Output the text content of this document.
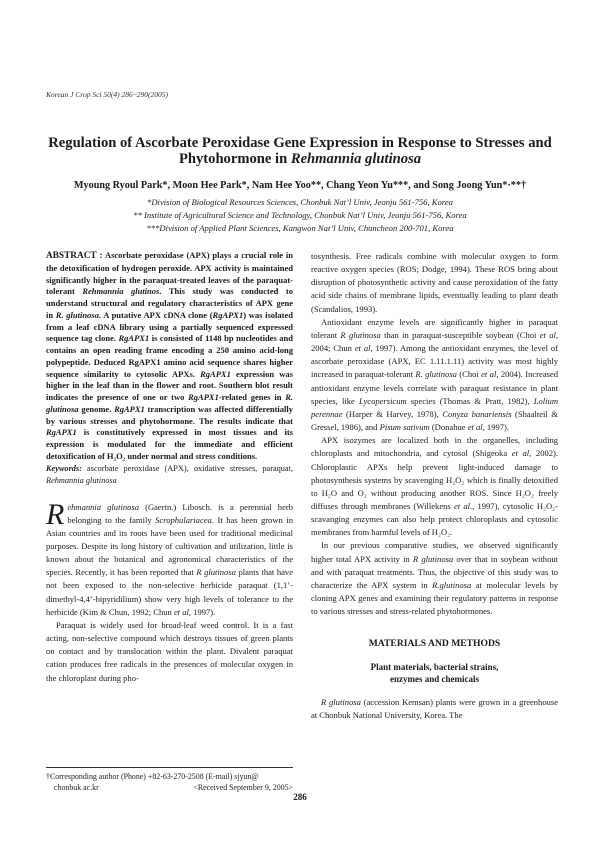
Korean J Crop Sci 50(4) 286~290(2005)
Regulation of Ascorbate Peroxidase Gene Expression in Response to Stresses and
Phytohormone in Rehmannia glutinosa
Myoung Ryoul Park*, Moon Hee Park*, Nam Hee Yoo**, Chang Yeon Yu***, and Song Joong Yun*·**†
*Division of Biological Resources Sciences, Chonbuk Nat’l Univ, Jeonju 561-756, Korea
** Institute of Agricultural Science and Technology, Chonbuk Nat’l Univ, Jeonju 561-756, Korea
***Division of Applied Plant Sciences, Kangwon Nat’l Univ, Chuncheon 200-701, Korea

ABSTRACT : Ascorbate peroxidase (APX) plays a crucial role in the detoxification of hydrogen peroxide. APX activity is maintained significantly higher in the paraquat-treated leaves of the paraquat-tolerant Rehmannia glutinos. This study was conducted to understand structural and regulatory characteristics of APX gene in R. glutinosa. A putative APX cDNA clone (RgAPX1) was isolated from a leaf cDNA library using a partially sequenced expressed sequence tag clone. RgAPX1 is consisted of 1148 bp nucleotides and contains an open reading frame encoding a 250 amino acid-long polypeptide. Deduced RgAPX1 amino acid sequence shares higher sequence similarity to cytosolic APXs. RgAPX1 expression was higher in the leaf than in the flower and root. Southern blot result indicates the presence of one or two RgAPX1-related genes in R. glutinosa genome. RgAPX1 transcription was affected differentially by various stresses and phytohormone. The results indicate that RgAPX1 is constitutively expressed in most tissues and its expression is modulated for the immediate and efficient detoxification of H₂O₂ under normal and stress conditions.

Keywords: ascorbate peroxidase (APX), oxidative stresses, paraquat, Rehmannia glutinosa

Rehmannia glutinosa (Gaertn.) Libosch. is a perennial herb belonging to the family Scrophulariacea. It has been grown in Asian countries and its roots have been used for traditional medicinal purposes. Despite its long history of cultivation and utilization, little is known about the botanical and agronomical characteristics of the species. Recently, it has been reported that R glutinosa plants that have not been exposed to the non-selective herbicide paraquat (1,1’-dimethyl-4,4’-bipyridilium) show very high levels of tolerance to the herbicide (Kim & Chun, 1992; Chun et al, 1997).

Paraquat is widely used for broad-leaf weed control. It is a fast acting, non-selective compound which destroys tissues of green plants on contact and by translocation within the plant. Divalent paraquat cation produces free radicals in the presences of molecular oxygen in the chloroplast during pho-

†Corresponding author (Phone) +82-63-270-2508 (E-mail) sjyun@
chonbuk ac.kr	<Received September 9, 2005>

tosynthesis. Free radicals combine with molecular oxygen to form reactive oxygen species (ROS; Dodge, 1994). These ROS bring about disruption of photosynthetic activity and cause peroxidation of the fatty acid side chains of membrane lipids, eventually leading to plant death (Scandalios, 1993).

Antioxidant enzyme levels are significantly higher in paraquat tolerant R glutinosa than in paraquat-susceptible soybean (Choi et al, 2004; Chun et al, 1997). Among the antioxidant enzymes, the level of ascorbate peroxidase (APX, EC 1.11.1.11) activity was most highly increased in paraquat-tolerant R. glutinosa (Choi et al, 2004). Increased antioxidant enzyme levels correlate with paraquat resistance in plant species, like Lycopersicum species (Thomas & Pratt, 1982), Lolium perennae (Harper & Harvey, 1978), Conyza banariensis (Shaalteil & Gressel, 1986), and Pisum sativum (Donahue et al, 1997).

APX isozymes are localized both in the organelles, including chloroplasts and mitochondria, and cytosol (Shigeoka et al, 2002). Chloroplastic APXs help prevent light-induced damage to photosynthesis systems by scavenging H₂O₂ which is finally detoxified to H₂O and O₂ without producing another ROS. Since H₂O₂ freely diffuses through membranes (Willekens et al., 1997), cytosolic H₂O₂-scavanging enzymes can also help protect chloroplasts and cytosolic membranes from harmful levels of H₂O₂.

In our previous comparative studies, we observed significantly higher total APX activity in R glutinosa over that in soybean without and with paraquat treatments. Thus, the objective of this study was to characterize the APX system in R.glutinosa at molecular levels by cloning APX genes and examining their regulatory patterns in response to various stresses and stress-related phytohormones.

MATERIALS AND METHODS
Plant materials, bacterial strains,
enzymes and chemicals

R glutinosa (accession Kemsan) plants were grown in a greenhouse at Chonbuk National University, Korea. The

286
